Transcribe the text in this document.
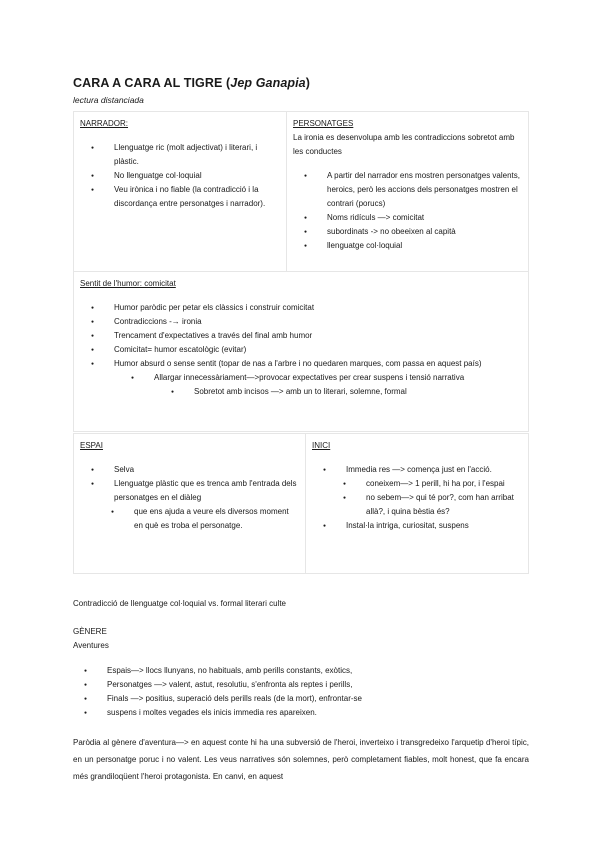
CARA A CARA AL TIGRE (Jep Ganapia)
lectura distanciada
NARRADOR:
● Llenguatge ric (molt adjectivat) i literari, i plàstic.
● No llenguatge col·loquial
● Veu irònica i no fiable (la contradicció i la discordança entre personatges i narrador).

PERSONATGES
La ironia es desenvolupa amb les contradiccions sobretot amb les conductes
● A partir del narrador ens mostren personatges valents, heroics, però les accions dels personatges mostren el contrari (porucs)
● Noms ridículs —> comicitat
● subordinats -> no obeeixen al capità
● llenguatge col·loquial

Sentit de l'humor: comicitat
● Humor paròdic per petar els clàssics i construir comicitat
● Contradiccions -→ ironia
● Trencament d'expectatives a través del final amb humor
● Comicitat= humor escatològic (evitar)
● Humor absurd o sense sentit (topar de nas a l'arbre i no quedaren marques, com passa en aquest país)
● Allargar innecessàriament—>provocar expectatives per crear suspens i tensió narrativa
● Sobretot amb incisos —> amb un to literari, solemne, formal
ESPAI
● Selva
● Llenguatge plàstic que es trenca amb l'entrada dels personatges en el diàleg
● que ens ajuda a veure els diversos moment en què es troba el personatge.

INICI
● Immedia res —> comença just en l'acció.
● coneixem—> 1 perill, hi ha por, i l'espai
● no sebem—> qui té por?, com han arribat allà?, i quina bèstia és?
● Instal·la intriga, curiositat, suspens
Contradicció de llenguatge col·loquial vs. formal literari culte
GÈNERE
Aventures
● Espais—> llocs llunyans, no habituals, amb perills constants, exòtics,
● Personatges —> valent, astut, resolutiu, s'enfronta als reptes i perills,
● Finals —> positius, superació dels perills reals (de la mort), enfrontar-se
● suspens i moltes vegades els inicis immedia res apareixen.
Paròdia al gènere d'aventura—> en aquest conte hi ha una subversió de l'heroi, inverteixo i transgredeixo l'arquetip d'heroi típic, en un personatge poruc i no valent. Les veus narratives són solemnes, però completament fiables, molt honest, que fa encara més grandiloqüent l'heroi protagonista. En canvi, en aquest
